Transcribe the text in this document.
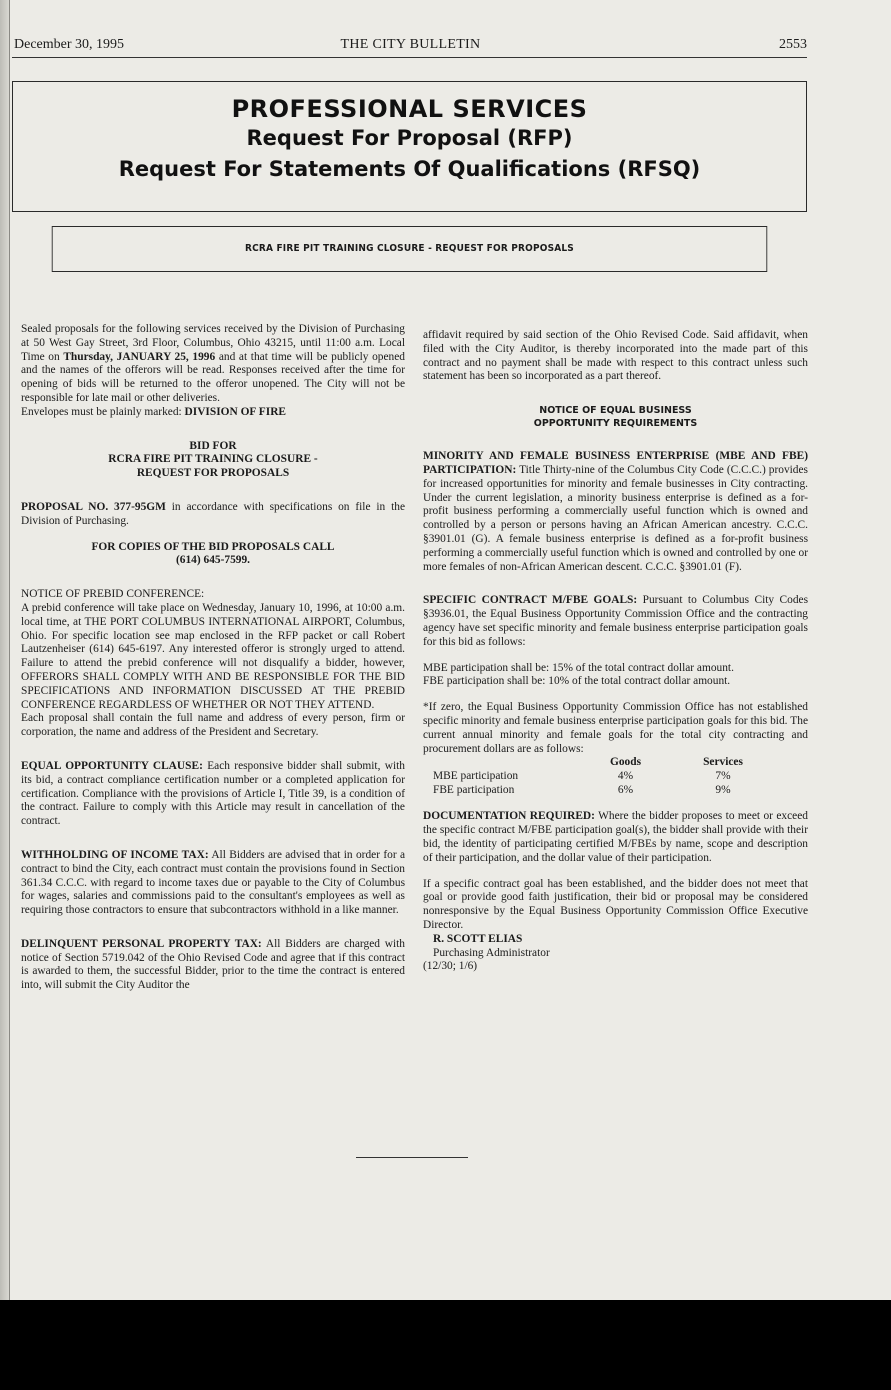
December 30, 1995	THE CITY BULLETIN	2553
PROFESSIONAL SERVICES
Request For Proposal (RFP)
Request For Statements Of Qualifications (RFSQ)
RCRA FIRE PIT TRAINING CLOSURE - REQUEST FOR PROPOSALS

Sealed proposals for the following services received by the Division of Purchasing at 50 West Gay Street, 3rd Floor, Columbus, Ohio 43215, until 11:00 a.m. Local Time on Thursday, JANUARY 25, 1996 and at that time will be publicly opened and the names of the offerors will be read. Responses received after the time for opening of bids will be returned to the offeror unopened. The City will not be responsible for late mail or other deliveries.

Envelopes must be plainly marked: DIVISION OF FIRE

BID FOR
RCRA FIRE PIT TRAINING CLOSURE -
REQUEST FOR PROPOSALS

PROPOSAL NO. 377-95GM in accordance with specifications on file in the Division of Purchasing.

FOR COPIES OF THE BID PROPOSALS CALL
(614) 645-7599.

NOTICE OF PREBID CONFERENCE:

A prebid conference will take place on Wednesday, January 10, 1996, at 10:00 a.m. local time, at THE PORT COLUMBUS INTERNATIONAL AIRPORT, Columbus, Ohio. For specific location see map enclosed in the RFP packet or call Robert Lautzenheiser (614) 645-6197. Any interested offeror is strongly urged to attend. Failure to attend the prebid conference will not disqualify a bidder, however, OFFERORS SHALL COMPLY WITH AND BE RESPONSIBLE FOR THE BID SPECIFICATIONS AND INFORMATION DISCUSSED AT THE PREBID CONFERENCE REGARDLESS OF WHETHER OR NOT THEY ATTEND.

Each proposal shall contain the full name and address of every person, firm or corporation, the name and address of the President and Secretary.

EQUAL OPPORTUNITY CLAUSE: Each responsive bidder shall submit, with its bid, a contract compliance certification number or a completed application for certification. Compliance with the provisions of Article I, Title 39, is a condition of the contract. Failure to comply with this Article may result in cancellation of the contract.

WITHHOLDING OF INCOME TAX: All Bidders are advised that in order for a contract to bind the City, each contract must contain the provisions found in Section 361.34 C.C.C. with regard to income taxes due or payable to the City of Columbus for wages, salaries and commissions paid to the consultant's employees as well as requiring those contractors to ensure that subcontractors withhold in a like manner.

DELINQUENT PERSONAL PROPERTY TAX: All Bidders are charged with notice of Section 5719.042 of the Ohio Revised Code and agree that if this contract is awarded to them, the successful Bidder, prior to the time the contract is entered into, will submit the City Auditor the

affidavit required by said section of the Ohio Revised Code. Said affidavit, when filed with the City Auditor, is thereby incorporated into the made part of this contract and no payment shall be made with respect to this contract unless such statement has been so incorporated as a part thereof.

NOTICE OF EQUAL BUSINESS
OPPORTUNITY REQUIREMENTS

MINORITY AND FEMALE BUSINESS ENTERPRISE (MBE AND FBE) PARTICIPATION: Title Thirty-nine of the Columbus City Code (C.C.C.) provides for increased opportunities for minority and female businesses in City contracting. Under the current legislation, a minority business enterprise is defined as a for-profit business performing a commercially useful function which is owned and controlled by a person or persons having an African American ancestry. C.C.C. §3901.01 (G). A female business enterprise is defined as a for-profit business performing a commercially useful function which is owned and controlled by one or more females of non-African American descent. C.C.C. §3901.01 (F).

SPECIFIC CONTRACT M/FBE GOALS: Pursuant to Columbus City Codes §3936.01, the Equal Business Opportunity Commission Office and the contracting agency have set specific minority and female business enterprise participation goals for this bid as follows:

MBE participation shall be: 15% of the total contract dollar amount.

FBE participation shall be: 10% of the total contract dollar amount.

*If zero, the Equal Business Opportunity Commission Office has not established specific minority and female business enterprise participation goals for this bid. The current annual minority and female goals for the total city contracting and procurement dollars are as follows:

	Goods	Services
MBE participation	4%	7%
FBE participation	6%	9%

DOCUMENTATION REQUIRED: Where the bidder proposes to meet or exceed the specific contract M/FBE participation goal(s), the bidder shall provide with their bid, the identity of participating certified M/FBEs by name, scope and description of their participation, and the dollar value of their participation.

If a specific contract goal has been established, and the bidder does not meet that goal or provide good faith justification, their bid or proposal may be considered nonresponsive by the Equal Business Opportunity Commission Office Executive Director.

R. SCOTT ELIAS

Purchasing Administrator

(12/30; 1/6)
